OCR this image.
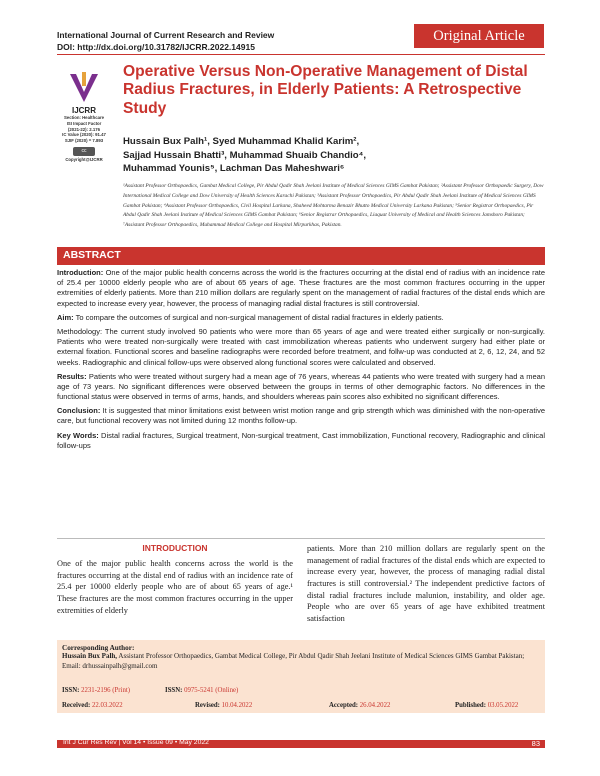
International Journal of Current Research and Review
DOI: http://dx.doi.org/10.31782/IJCRR.2022.14915
Original Article
IJCRR
Section: Healthcare
ISI Impact Factor
(2021-22): 2.176
IC Value (2020): 91.47
SJIF (2020) = 7.893
cc
Copyright@IJCRR
Operative Versus Non-Operative Management of Distal Radius Fractures, in Elderly Patients: A Retrospective Study
Hussain Bux Palh¹, Syed Muhammad Khalid Karim²,
Sajjad Hussain Bhatti³, Muhammad Shuaib Chandio⁴,
Muhammad Younis⁵, Lachman Das Maheshwari⁶
¹Assistant Professor Orthopaedics, Gambat Medical College, Pir Abdul Qadir Shah Jeelani Institute of Medical Sciences GIMS Gambat Pakistan; ²Assistant Professor Orthopaedic Surgery, Dow International Medical College and Dow University of Health Sciences Karachi Pakistan; ³Assistant Professor Orthopaedics, Pir Abdul Qadir Shah Jeelani Institute of Medical Sciences GIMS Gambat Pakistan; ⁴Assistant Professor Orthopaedics, Civil Hospital Larkana, Shaheed Mohtarma Benazir Bhutto Medical University Larkana Pakistan; ⁵Senior Registrar Orthopaedics, Pir Abdul Qadir Shah Jeelani Institute of Medical Sciences GIMS Gambat Pakistan; ⁶Senior Registrar Orthopaedics, Liaquat University of Medical and Health Sciences Jamshoro Pakistan; ⁷Assistant Professor Orthopaedics, Muhammad Medical College and Hospital Mirpurkhas, Pakistan.
ABSTRACT

Introduction: One of the major public health concerns across the world is the fractures occurring at the distal end of radius with an incidence rate of 25.4 per 10000 elderly people who are of about 65 years of age. These fractures are the most common fractures occurring in the upper extremities of elderly patients. More than 210 million dollars are regularly spent on the management of radial fractures of the distal ends which are expected to increase every year, however, the process of managing radial distal fractures is still controversial.

Aim: To compare the outcomes of surgical and non-surgical management of distal radial fractures in elderly patients.

Methodology: The current study involved 90 patients who were more than 65 years of age and were treated either surgically or non-surgically. Patients who were treated non-surgically were treated with cast immobilization whereas patients who underwent surgery had either plate or external fixation. Functional scores and baseline radiographs were recorded before treatment, and follw-up was conducted at 2, 6, 12, 24, and 52 weeks. Radiographic and clinical follow-ups were observed along functional scores were calculated and observed.

Results: Patients who were treated without surgery had a mean age of 76 years, whereas 44 patients who were treated with surgery had a mean age of 73 years. No significant differences were observed between the groups in terms of other demographic factors. No differences in the functional status were observed in terms of arms, hands, and shoulders whereas pain scores also exhibited no significant differences.

Conclusion: It is suggested that minor limitations exist between wrist motion range and grip strength which was diminished with the non-operative care, but functional recovery was not limited during 12 months follow-up.

Key Words: Distal radial fractures, Surgical treatment, Non-surgical treatment, Cast immobilization, Functional recovery, Radiographic and clinical follow-ups

INTRODUCTION
One of the major public health concerns across the world is the fractures occurring at the distal end of radius with an incidence rate of 25.4 per 10000 elderly people who are of about 65 years of age.¹ These fractures are the most common fractures occurring in the upper extremities of elderly
patients. More than 210 million dollars are regularly spent on the management of radial fractures of the distal ends which are expected to increase every year, however, the process of managing radial distal fractures is still controversial.² The independent predictive factors of distal radial fractures include malunion, instability, and older age. People who are over 65 years of age have exhibited treatment satisfaction
Corresponding Author:
Hussain Bux Palh, Assistant Professor Orthopaedics, Gambat Medical College, Pir Abdul Qadir Shah Jeelani Institute of Medical Sciences GIMS Gambat Pakistan; Email: drhussainpalh@gmail.com
ISSN: 2231-2196 (Print)	ISSN: 0975-5241 (Online)
Received: 22.03.2022	Revised: 10.04.2022	Accepted: 26.04.2022	Published: 03.05.2022
Int J Cur Res Rev | Vol 14 • Issue 09 • May 2022	83
